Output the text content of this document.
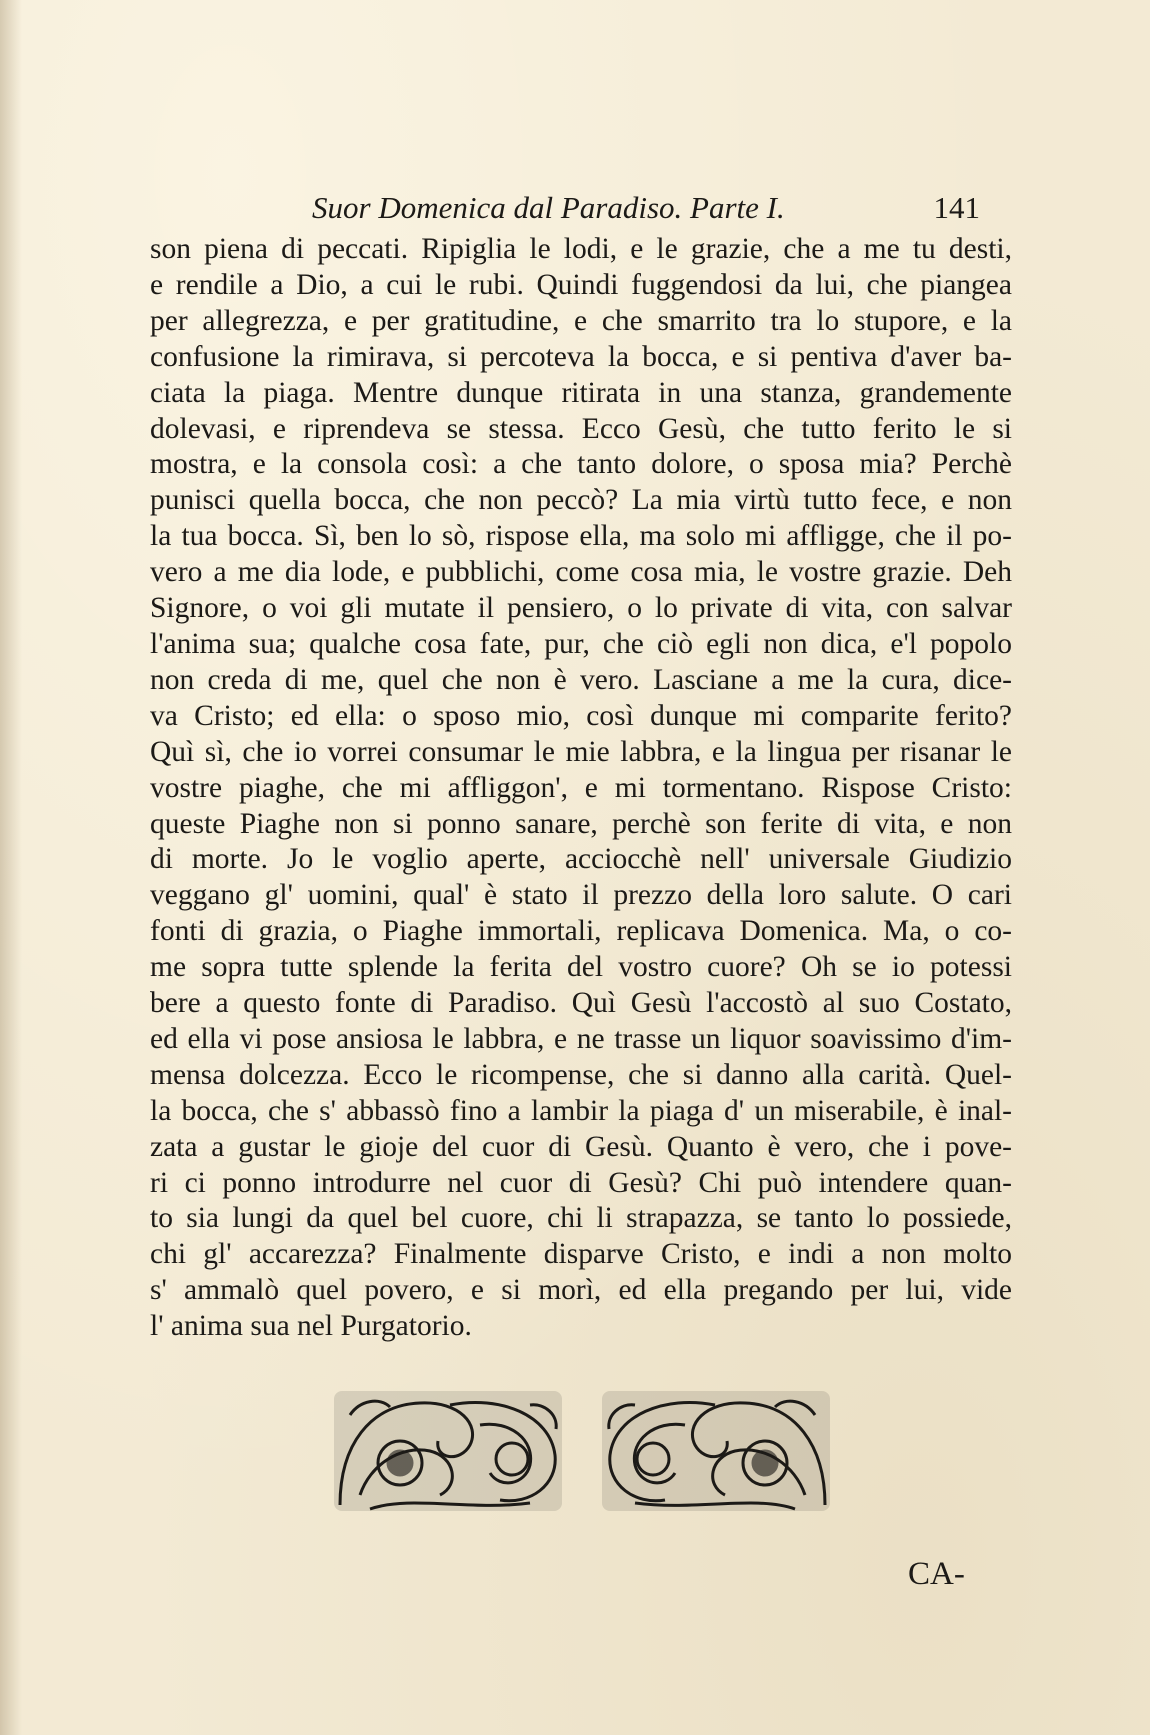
Suor Domenica dal Paradiso. Parte I.	141
son piena di peccati. Ripiglia le lodi, e le grazie, che a me tu desti,
e rendile a Dio, a cui le rubi. Quindi fuggendosi da lui, che piangea
per allegrezza, e per gratitudine, e che smarrito tra lo stupore, e la
confusione la rimirava, si percoteva la bocca, e si pentiva d'aver ba-
ciata la piaga. Mentre dunque ritirata in una stanza, grandemente
dolevasi, e riprendeva se stessa. Ecco Gesù, che tutto ferito le si
mostra, e la consola così: a che tanto dolore, o sposa mia? Perchè
punisci quella bocca, che non peccò? La mia virtù tutto fece, e non
la tua bocca. Sì, ben lo sò, rispose ella, ma solo mi affligge, che il po-
vero a me dia lode, e pubblichi, come cosa mia, le vostre grazie. Deh
Signore, o voi gli mutate il pensiero, o lo private di vita, con salvar
l'anima sua; qualche cosa fate, pur, che ciò egli non dica, e'l popolo
non creda di me, quel che non è vero. Lasciane a me la cura, dice-
va Cristo; ed ella: o sposo mio, così dunque mi comparite ferito?
Quì sì, che io vorrei consumar le mie labbra, e la lingua per risanar le
vostre piaghe, che mi affliggon', e mi tormentano. Rispose Cristo:
queste Piaghe non si ponno sanare, perchè son ferite di vita, e non
di morte. Jo le voglio aperte, acciocchè nell' universale Giudizio
veggano gl' uomini, qual' è stato il prezzo della loro salute. O cari
fonti di grazia, o Piaghe immortali, replicava Domenica. Ma, o co-
me sopra tutte splende la ferita del vostro cuore? Oh se io potessi
bere a questo fonte di Paradiso. Quì Gesù l'accostò al suo Costato,
ed ella vi pose ansiosa le labbra, e ne trasse un liquor soavissimo d'im-
mensa dolcezza. Ecco le ricompense, che si danno alla carità. Quel-
la bocca, che s' abbassò fino a lambir la piaga d' un miserabile, è inal-
zata a gustar le gioje del cuor di Gesù. Quanto è vero, che i pove-
ri ci ponno introdurre nel cuor di Gesù? Chi può intendere quan-
to sia lungi da quel bel cuore, chi li strapazza, se tanto lo possiede,
chi gl' accarezza? Finalmente disparve Cristo, e indi a non molto
s' ammalò quel povero, e si morì, ed ella pregando per lui, vide
l' anima sua nel Purgatorio.
CA-
